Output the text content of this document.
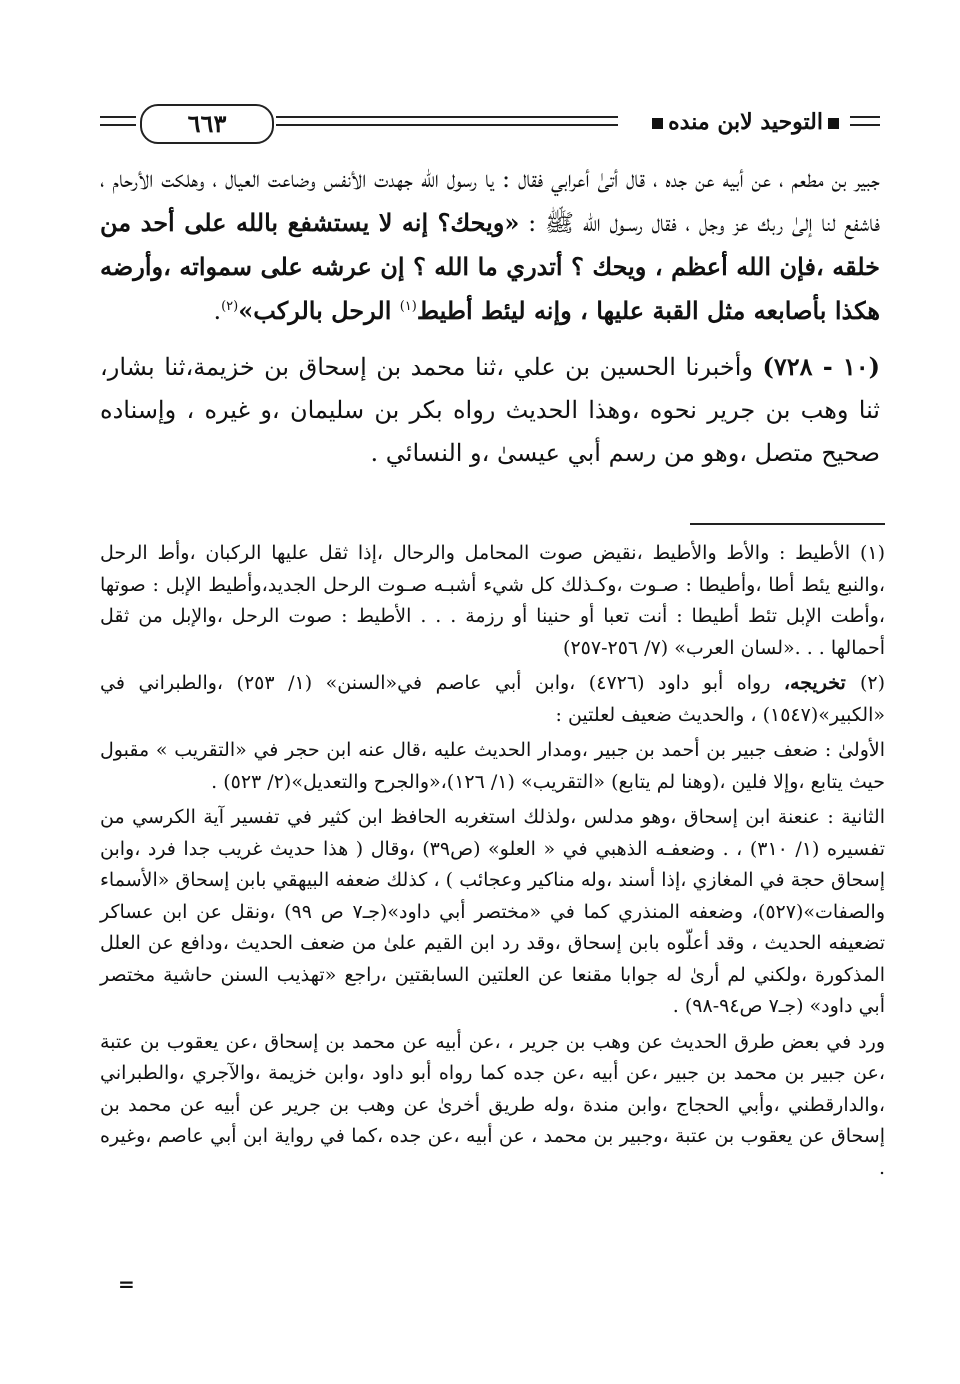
٦٦٣	التوحيد لابن منده

جبير بن مطعم ، عن أبيه عن جده ، قال أتىٰ أعرابي فقال : يا رسول الله جهدت الأنفس وضاعت العيال ، وهلكت الأرحام ، فاشفع لنا إلىٰ ربك عز وجل ، فقال رسـول الله ﷺ : «ويحك؟ إنه لا يستشفع بالله على أحد من خلقه ،فإن الله أعظم ، ويحك ؟ أتدري ما الله ؟ إن عرشه على سمواته ،وأرضه هكذا بأصابعه مثل القبة عليها ، وإنه ليئط أطيط$^{(١)}$ الرحل بالركب»$^{(٢)}$.

(١٠ - ٧٢٨) وأخبرنا الحسين بن علي ،ثنا محمد بن إسحاق بن خزيمة،ثنا بشار، ثنا وهب بن جرير نحوه ،وهذا الحديث رواه بكر بن سليمان ،و غيره ، وإسناده صحيح متصل ،وهو من رسم أبي عيسىٰ ،و النسائي .

(١) الأطيط : والأط والأطيط ،نقيض صوت المحامل والرحال ،إذا ثقل عليها الركبان ،وأط الرحل ،والنبع يئط أطا ،وأطيطا : صـوت ،وكـذلك كل شيء أشبـه صـوت الرحل الجديد،وأطيط الإبل : صوتها ،وأطت الإبل تئط أطيطا : أنت تعبا أو حنينا أو رزمة . . . الأطيط : صوت الرحل ،والإبل من ثقل أحمالها . . .«لسان العرب» (٧/ ٢٥٦-٢٥٧)

(٢) تخريجه، رواه أبو داود (٤٧٢٦) ،وابن أبي عاصم في«السنن» (١/ ٢٥٣) ،والطبراني في «الكبير»(١٥٤٧) ، والحديث ضعيف لعلتين :

الأولىٰ : ضعف جبير بن أحمد بن جبير ،ومدار الحديث عليه ،قال عنه ابن حجر في «التقريب » مقبول حيث يتابع ،وإلا فلين ،(وهنا لم يتابع) «التقريب» (١/ ١٢٦)،«والجرح والتعديل»(٢/ ٥٢٣) .

الثانية : عنعنة ابن إسحاق ،وهو مدلس ،ولذلك استغربه الحافظ ابن كثير في تفسير آية الكرسي من تفسيره (١/ ٣١٠) ، . وضعفـه الذهبي في « العلو» (ص٣٩) ،وقال ( هذا حديث غريب جدا فرد ،وابن إسحاق حجة في المغازي ،إذا أسند ،وله مناكير وعجائب ) ، كذلك ضعفه البيهقي بابن إسحاق «الأسماء والصفات»(٥٢٧)، وضعفه المنذري كما في «مختصر أبي داود»(جـ٧ ص ٩٩) ،ونقل عن ابن عساكر تضعيفه الحديث ، وقد أعلّوه بابن إسحاق ،وقد رد ابن القيم علىٰ من ضعف الحديث ،ودافع عن العلل المذكورة ،ولكني لم أرىٰ له جوابا مقنعا عن العلتين السابقتين ،راجع «تهذيب السنن حاشية مختصر أبي داود» (جـ٧ ص٩٤-٩٨) .

ورد في بعض طرق الحديث عن وهب بن جرير ، ،عن أبيه عن محمد بن إسحاق ،عن يعقوب بن عتبة ،عن جبير بن محمد بن جبير ،عن أبيه ،عن جده كما رواه أبو داود ،وابن خزيمة ،والآجري ،والطبراني ،والدارقطني ،وأبي الحجاج ،وابن مندة ،وله طريق أخرىٰ عن وهب بن جرير عن أبيه عن محمد بن إسحاق عن يعقوب بن عتبة ،وجبير بن محمد ، عن أبيه ،عن جده ،كما في رواية ابن أبي عاصم ،وغيره .

=
